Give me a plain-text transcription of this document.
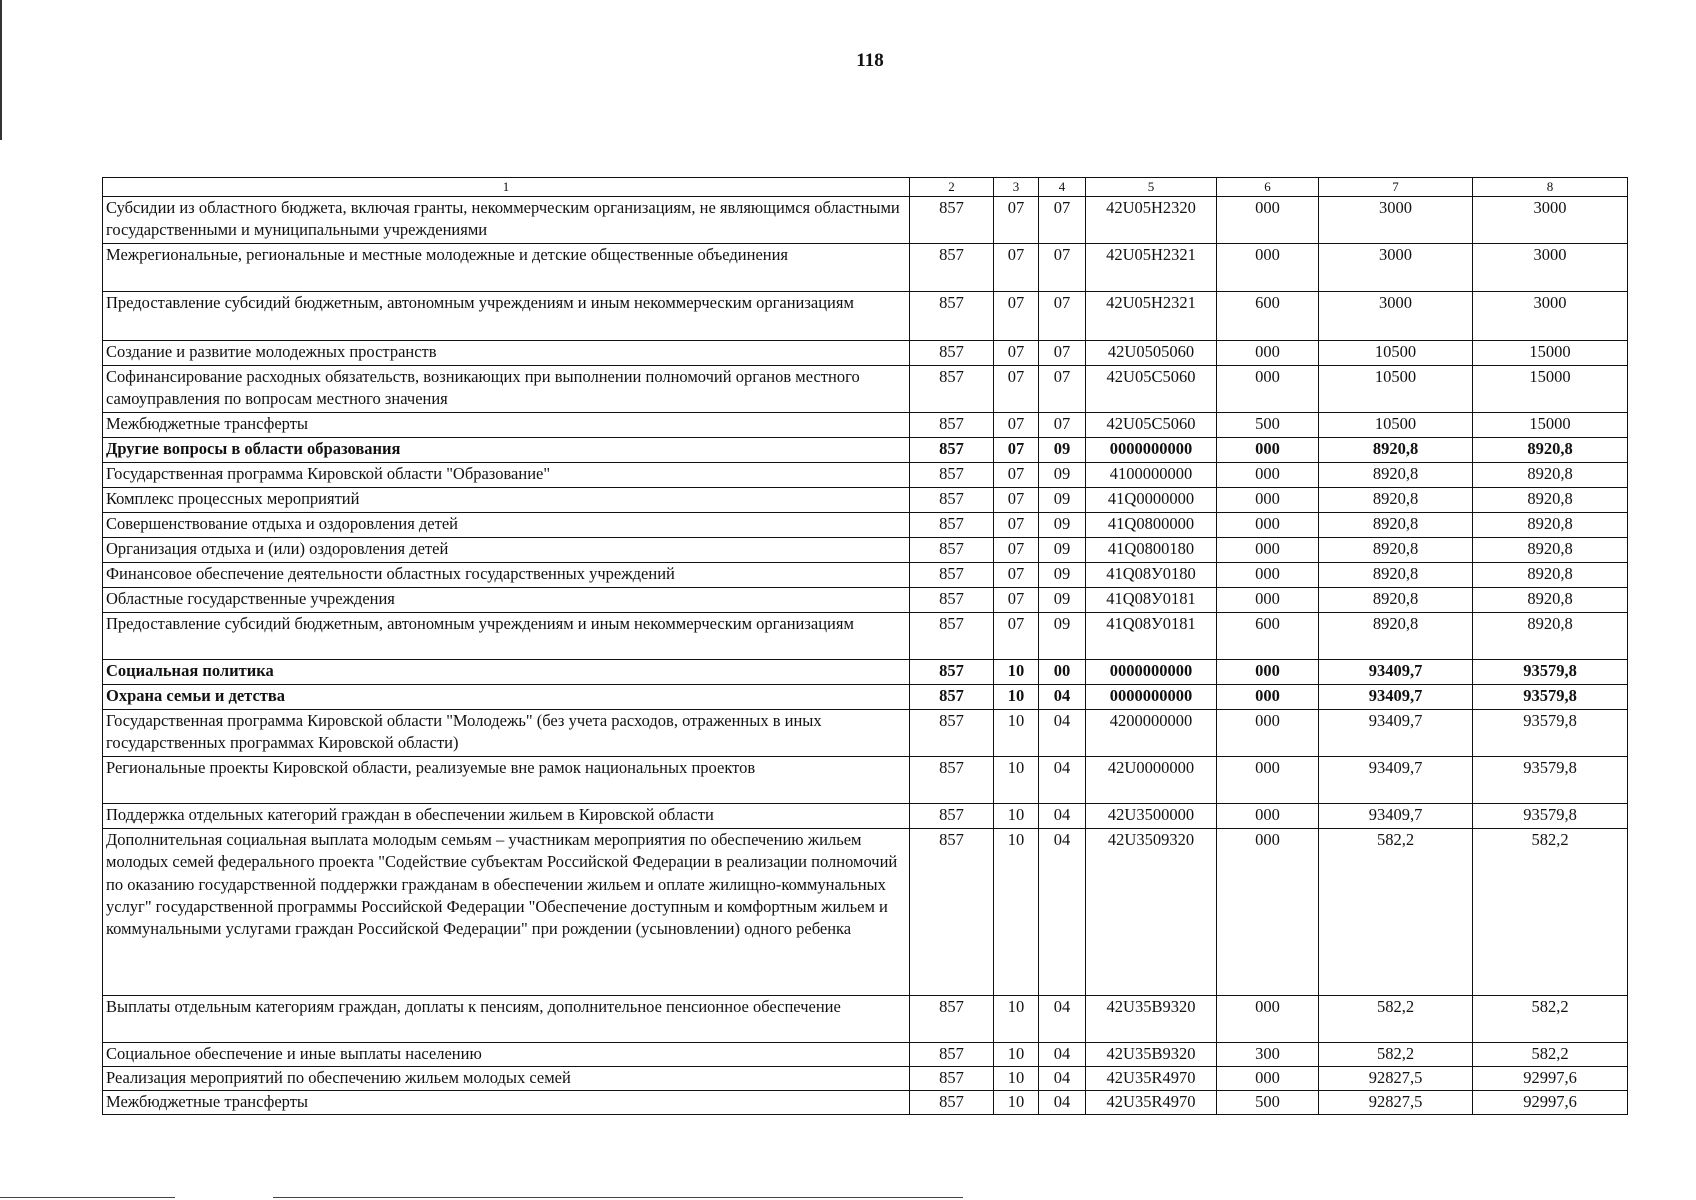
118
1	2	3	4	5	6	7	8
Субсидии из областного бюджета, включая гранты, некоммерческим организациям, не являющимся областными государственными и муниципальными учреждениями	857	07	07	42U05H2320	000	3000	3000
Межрегиональные, региональные и местные молодежные и детские общественные объединения	857	07	07	42U05H2321	000	3000	3000
Предоставление субсидий бюджетным, автономным учреждениям и иным некоммерческим организациям	857	07	07	42U05H2321	600	3000	3000
Создание и развитие молодежных пространств	857	07	07	42U0505060	000	10500	15000
Софинансирование расходных обязательств, возникающих при выполнении полномочий органов местного самоуправления по вопросам местного значения	857	07	07	42U05C5060	000	10500	15000
Межбюджетные трансферты	857	07	07	42U05C5060	500	10500	15000
Другие вопросы в области образования	857	07	09	0000000000	000	8920,8	8920,8
Государственная программа Кировской области "Образование"	857	07	09	4100000000	000	8920,8	8920,8
Комплекс процессных мероприятий	857	07	09	41Q0000000	000	8920,8	8920,8
Совершенствование отдыха и оздоровления детей	857	07	09	41Q0800000	000	8920,8	8920,8
Организация отдыха и (или) оздоровления детей	857	07	09	41Q0800180	000	8920,8	8920,8
Финансовое обеспечение деятельности областных государственных учреждений	857	07	09	41Q08У0180	000	8920,8	8920,8
Областные государственные учреждения	857	07	09	41Q08У0181	000	8920,8	8920,8
Предоставление субсидий бюджетным, автономным учреждениям и иным некоммерческим организациям	857	07	09	41Q08У0181	600	8920,8	8920,8
Социальная политика	857	10	00	0000000000	000	93409,7	93579,8
Охрана семьи и детства	857	10	04	0000000000	000	93409,7	93579,8
Государственная программа Кировской области "Молодежь" (без учета расходов, отраженных в иных государственных программах Кировской области)	857	10	04	4200000000	000	93409,7	93579,8
Региональные проекты Кировской области, реализуемые вне рамок национальных проектов	857	10	04	42U0000000	000	93409,7	93579,8
Поддержка отдельных категорий граждан в обеспечении жильем в Кировской области	857	10	04	42U3500000	000	93409,7	93579,8
Дополнительная социальная выплата молодым семьям – участникам мероприятия по обеспечению жильем молодых семей федерального проекта "Содействие субъектам Российской Федерации в реализации полномочий по оказанию государственной поддержки гражданам в обеспечении жильем и оплате жилищно-коммунальных услуг" государственной программы Российской Федерации "Обеспечение доступным и комфортным жильем и коммунальными услугами граждан Российской Федерации" при рождении (усыновлении) одного ребенка	857	10	04	42U3509320	000	582,2	582,2
Выплаты отдельным категориям граждан, доплаты к пенсиям, дополнительное пенсионное обеспечение	857	10	04	42U35B9320	000	582,2	582,2
Социальное обеспечение и иные выплаты населению	857	10	04	42U35B9320	300	582,2	582,2
Реализация мероприятий по обеспечению жильем молодых семей	857	10	04	42U35R4970	000	92827,5	92997,6
Межбюджетные трансферты	857	10	04	42U35R4970	500	92827,5	92997,6
